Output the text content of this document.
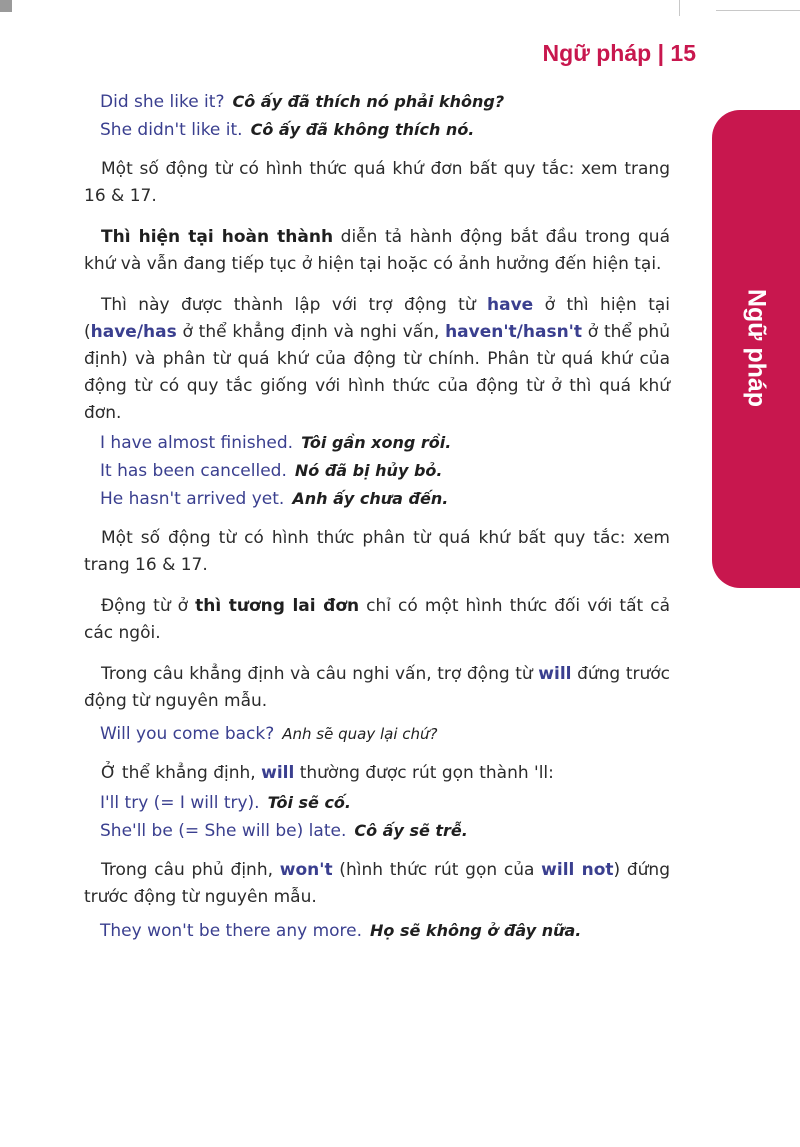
Ngữ pháp | 15
Ngữ pháp
Did she like it? Cô ấy đã thích nó phải không?
She didn't like it. Cô ấy đã không thích nó.

Một số động từ có hình thức quá khứ đơn bất quy tắc: xem trang 16 & 17.

Thì hiện tại hoàn thành diễn tả hành động bắt đầu trong quá khứ và vẫn đang tiếp tục ở hiện tại hoặc có ảnh hưởng đến hiện tại.

Thì này được thành lập với trợ động từ have ở thì hiện tại (have/has ở thể khẳng định và nghi vấn, haven't/hasn't ở thể phủ định) và phân từ quá khứ của động từ chính. Phân từ quá khứ của động từ có quy tắc giống với hình thức của động từ ở thì quá khứ đơn.

I have almost finished. Tôi gần xong rồi.
It has been cancelled. Nó đã bị hủy bỏ.
He hasn't arrived yet. Anh ấy chưa đến.

Một số động từ có hình thức phân từ quá khứ bất quy tắc: xem trang 16 & 17.

Động từ ở thì tương lai đơn chỉ có một hình thức đối với tất cả các ngôi.

Trong câu khẳng định và câu nghi vấn, trợ động từ will đứng trước động từ nguyên mẫu.

Will you come back? Anh sẽ quay lại chứ?

Ở thể khẳng định, will thường được rút gọn thành 'll:

I'll try (= I will try). Tôi sẽ cố.
She'll be (= She will be) late. Cô ấy sẽ trễ.

Trong câu phủ định, won't (hình thức rút gọn của will not) đứng trước động từ nguyên mẫu.

They won't be there any more. Họ sẽ không ở đây nữa.
